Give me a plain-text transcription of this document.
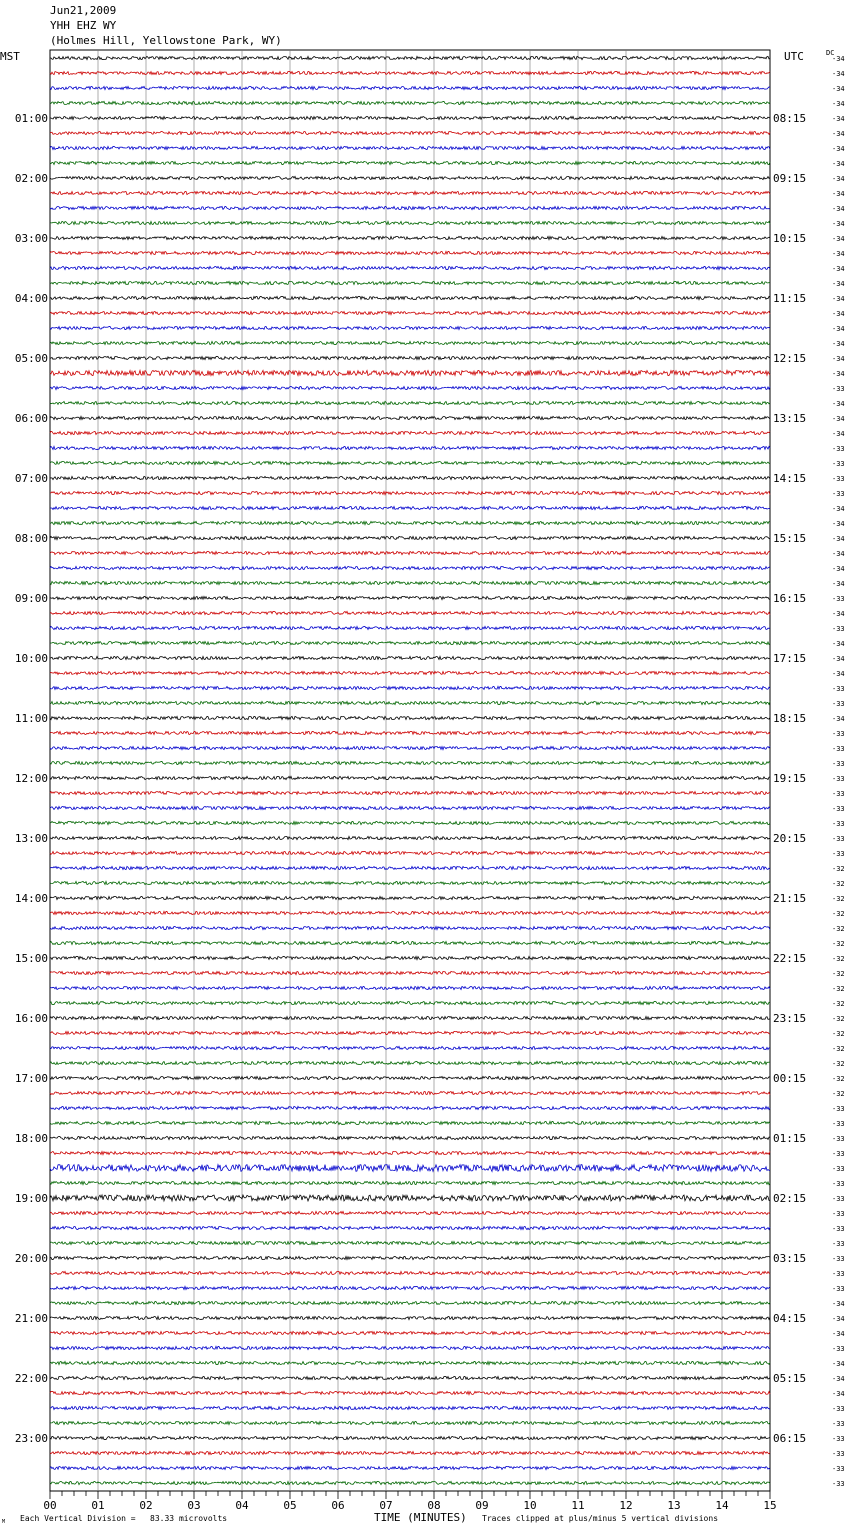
Jun21,2009
YHH EHZ WY
(Holmes Hill, Yellowstone Park, WY)
MST	UTC	DC
-34
-34
-34
-34
-34
-34
-34
-34
-34
-34
-34
-34
-34
-34
-34
-34
-34
-34
-34
-34
-34
-34
-33
-34
-34
-34
-33
-33
-33
-33
-34
-34
-34
-34
-34
-34
-33
-34
-33
-34
-34
-34
-33
-33
-34
-33
-33
-33
-33
-33
-33
-33
-33
-33
-32
-32
-32
-32
-32
-32
-32
-32
-32
-32
-32
-32
-32
-32
-32
-32
-33
-33
-33
-33
-33
-33
-33
-33
-33
-33
-33
-33
-33
-34
-34
-34
-33
-34
-34
-34
-33
-33
-33
-33
-33
-33
01:00
02:00
03:00
04:00
05:00
06:00
07:00
08:00
09:00
10:00
11:00
12:00
13:00
14:00
15:00
16:00
17:00
18:00
19:00
20:00
21:00
22:00
23:00
08:15
09:15
10:15
11:15
12:15
13:15
14:15
15:15
16:15
17:15
18:15
19:15
20:15
21:15
22:15
23:15
00:15
01:15
02:15
03:15
04:15
05:15
06:15
00	01	02	03	04	05	06	07	08	09	10	11	12	13	14	15
TIME (MINUTES)
Each Vertical Division =   83.33 microvolts	Traces clipped at plus/minus 5 vertical divisions
M
